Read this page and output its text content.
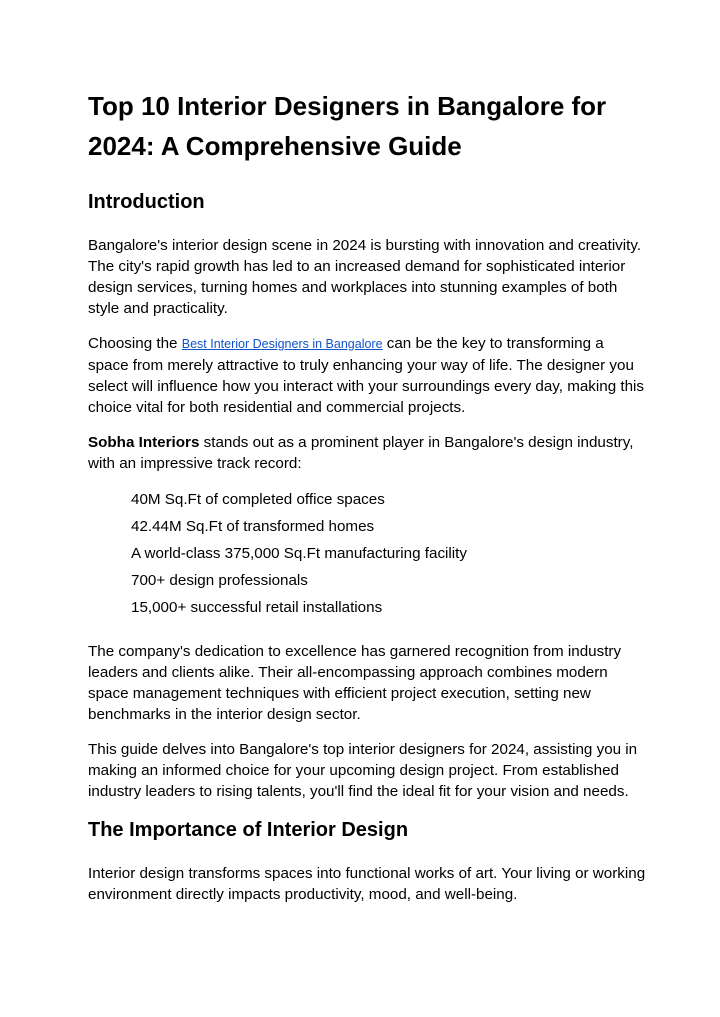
Top 10 Interior Designers in Bangalore for 2024: A Comprehensive Guide
Introduction

Bangalore's interior design scene in 2024 is bursting with innovation and creativity. The city's rapid growth has led to an increased demand for sophisticated interior design services, turning homes and workplaces into stunning examples of both style and practicality.

Choosing the Best Interior Designers in Bangalore can be the key to transforming a space from merely attractive to truly enhancing your way of life. The designer you select will influence how you interact with your surroundings every day, making this choice vital for both residential and commercial projects.

Sobha Interiors stands out as a prominent player in Bangalore's design industry, with an impressive track record:

40M Sq.Ft of completed office spaces
42.44M Sq.Ft of transformed homes
A world-class 375,000 Sq.Ft manufacturing facility
700+ design professionals
15,000+ successful retail installations

The company's dedication to excellence has garnered recognition from industry leaders and clients alike. Their all-encompassing approach combines modern space management techniques with efficient project execution, setting new benchmarks in the interior design sector.

This guide delves into Bangalore's top interior designers for 2024, assisting you in making an informed choice for your upcoming design project. From established industry leaders to rising talents, you'll find the ideal fit for your vision and needs.

The Importance of Interior Design

Interior design transforms spaces into functional works of art. Your living or working environment directly impacts productivity, mood, and well-being.
